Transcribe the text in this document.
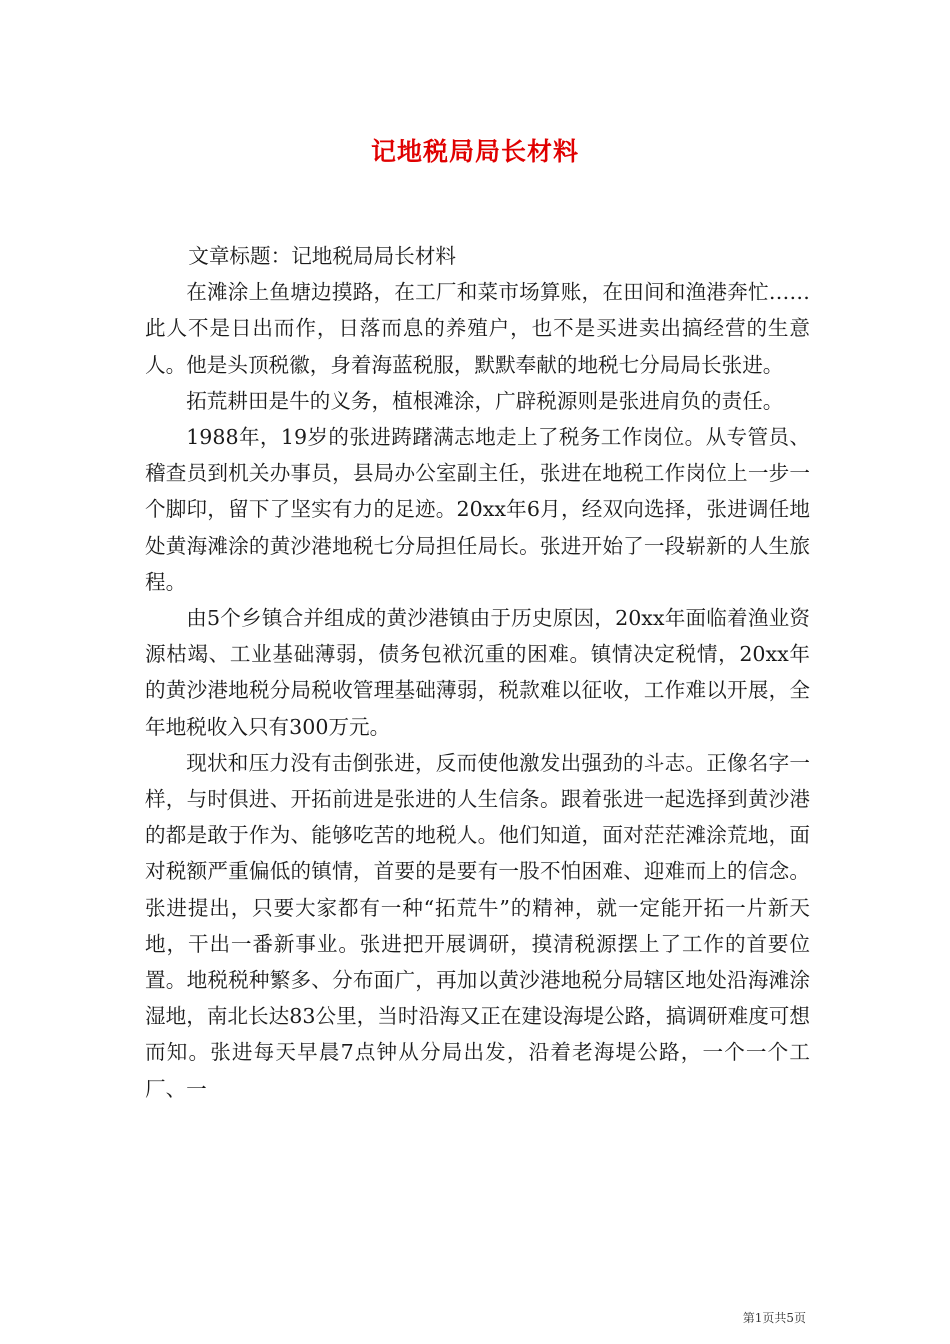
记地税局局长材料

文章标题：记地税局局长材料

在滩涂上鱼塘边摸路，在工厂和菜市场算账，在田间和渔港奔忙……此人不是日出而作，日落而息的养殖户，也不是买进卖出搞经营的生意人。他是头顶税徽，身着海蓝税服，默默奉献的地税七分局局长张进。

拓荒耕田是牛的义务，植根滩涂，广辟税源则是张进肩负的责任。

1988年，19岁的张进踌躇满志地走上了税务工作岗位。从专管员、稽查员到机关办事员，县局办公室副主任，张进在地税工作岗位上一步一个脚印，留下了坚实有力的足迹。20xx年6月，经双向选择，张进调任地处黄海滩涂的黄沙港地税七分局担任局长。张进开始了一段崭新的人生旅程。

由5个乡镇合并组成的黄沙港镇由于历史原因，20xx年面临着渔业资源枯竭、工业基础薄弱，债务包袱沉重的困难。镇情决定税情，20xx年的黄沙港地税分局税收管理基础薄弱，税款难以征收，工作难以开展，全年地税收入只有300万元。

现状和压力没有击倒张进，反而使他激发出强劲的斗志。正像名字一样，与时俱进、开拓前进是张进的人生信条。跟着张进一起选择到黄沙港的都是敢于作为、能够吃苦的地税人。他们知道，面对茫茫滩涂荒地，面对税额严重偏低的镇情，首要的是要有一股不怕困难、迎难而上的信念。张进提出，只要大家都有一种“拓荒牛”的精神，就一定能开拓一片新天地，干出一番新事业。张进把开展调研，摸清税源摆上了工作的首要位置。地税税种繁多、分布面广，再加以黄沙港地税分局辖区地处沿海滩涂湿地，南北长达83公里，当时沿海又正在建设海堤公路，搞调研难度可想而知。张进每天早晨7点钟从分局出发，沿着老海堤公路，一个一个工厂、一

第1页共5页
